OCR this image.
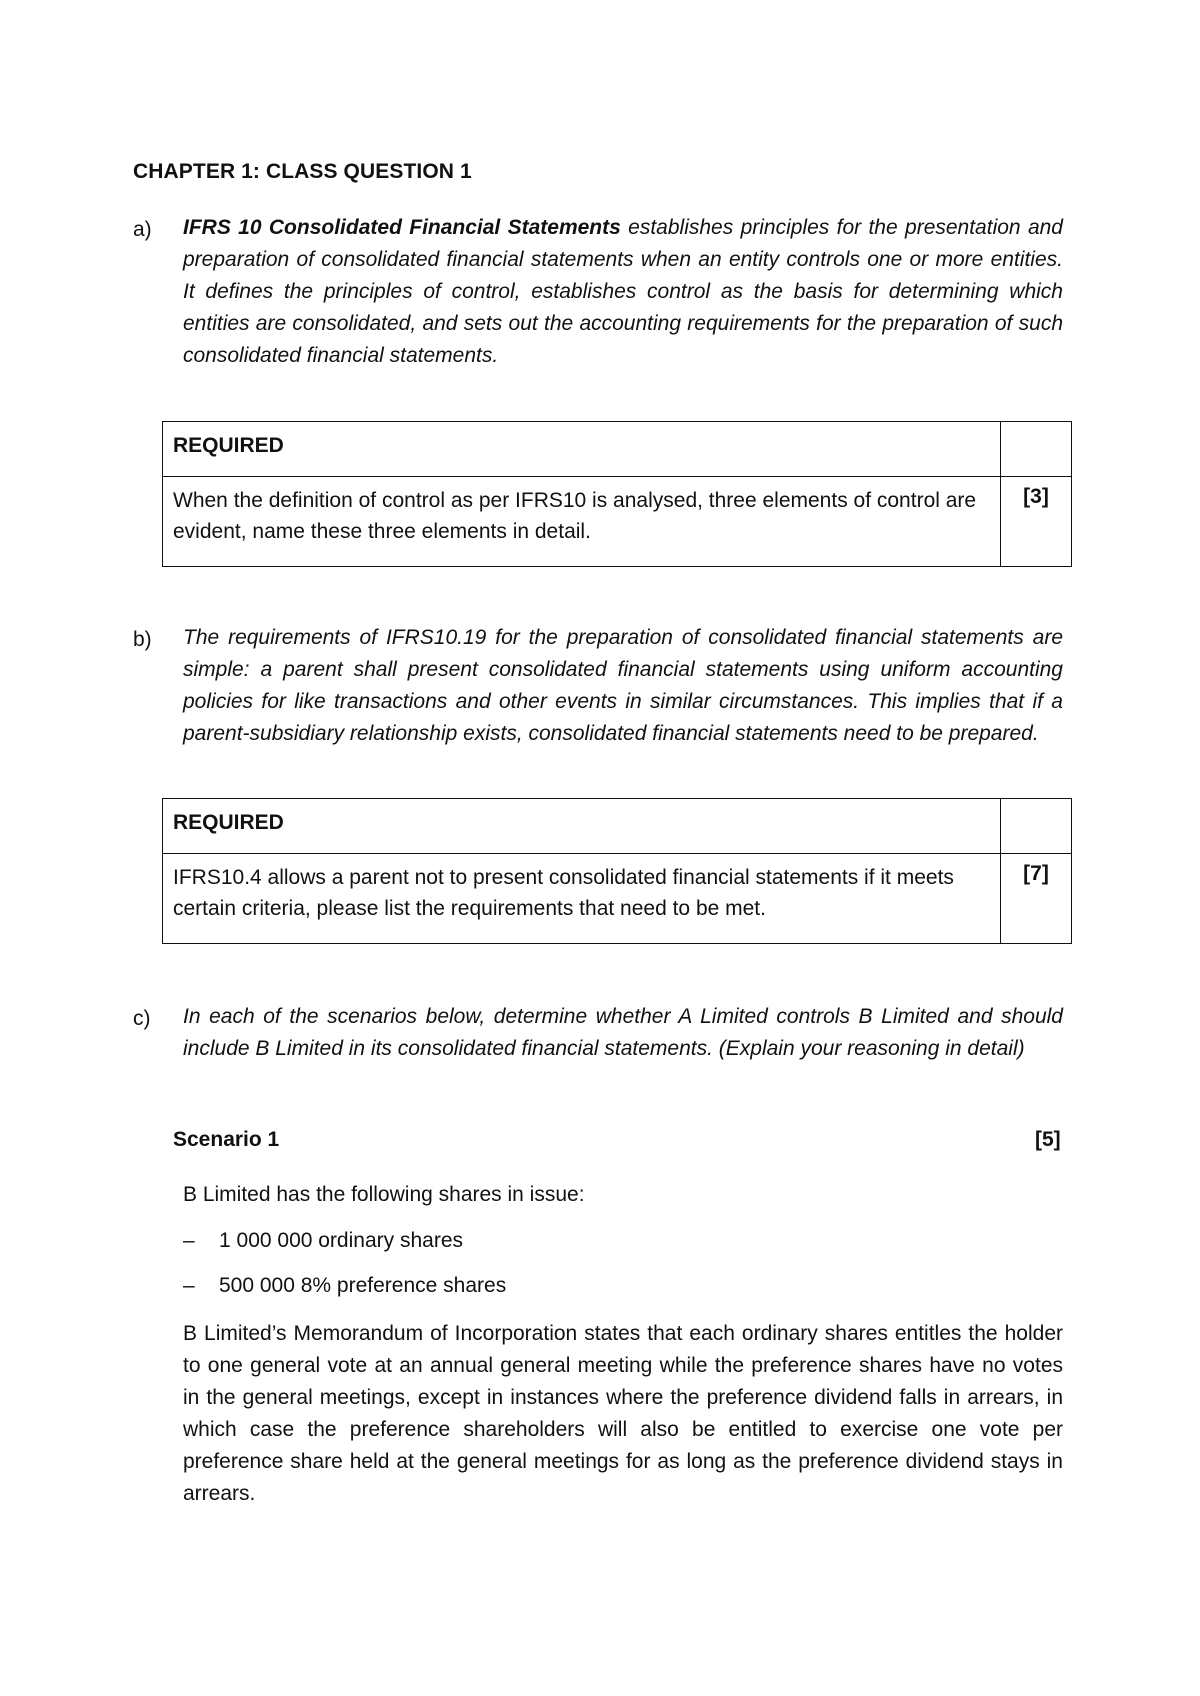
CHAPTER 1: CLASS QUESTION 1
a) IFRS 10 Consolidated Financial Statements establishes principles for the presentation and preparation of consolidated financial statements when an entity controls one or more entities. It defines the principles of control, establishes control as the basis for determining which entities are consolidated, and sets out the accounting requirements for the preparation of such consolidated financial statements.
REQUIRED	
When the definition of control as per IFRS10 is analysed, three elements of control are evident, name these three elements in detail.	[3]
b) The requirements of IFRS10.19 for the preparation of consolidated financial statements are simple: a parent shall present consolidated financial statements using uniform accounting policies for like transactions and other events in similar circumstances. This implies that if a parent-subsidiary relationship exists, consolidated financial statements need to be prepared.
REQUIRED	
IFRS10.4 allows a parent not to present consolidated financial statements if it meets certain criteria, please list the requirements that need to be met.	[7]
c) In each of the scenarios below, determine whether A Limited controls B Limited and should include B Limited in its consolidated financial statements. (Explain your reasoning in detail)
Scenario 1	[5]
B Limited has the following shares in issue:
– 1 000 000 ordinary shares
– 500 000 8% preference shares
B Limited’s Memorandum of Incorporation states that each ordinary shares entitles the holder to one general vote at an annual general meeting while the preference shares have no votes in the general meetings, except in instances where the preference dividend falls in arrears, in which case the preference shareholders will also be entitled to exercise one vote per preference share held at the general meetings for as long as the preference dividend stays in arrears.
